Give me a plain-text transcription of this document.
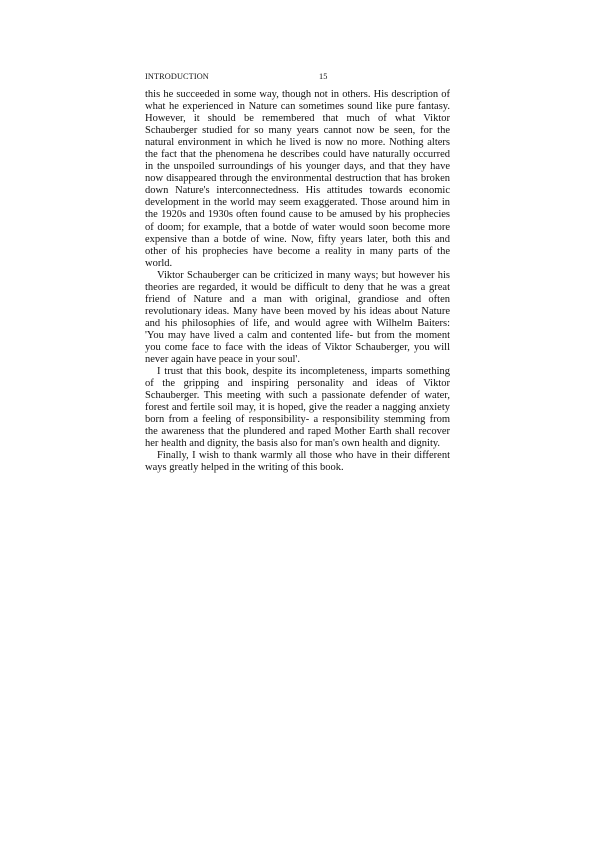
INTRODUCTION	15

this he succeeded in some way, though not in others. His description of what he experienced in Nature can sometimes sound like pure fantasy. However, it should be remembered that much of what Viktor Schauberger studied for so many years cannot now be seen, for the natural environment in which he lived is now no more. Nothing alters the fact that the phenomena he describes could have naturally occurred in the unspoiled surroundings of his younger days, and that they have now disappeared through the environmental destruction that has broken down Nature's interconnectedness. His attitudes towards economic development in the world may seem exaggerated. Those around him in the 1920s and 1930s often found cause to be amused by his prophecies of doom; for example, that a botde of water would soon become more expensive than a botde of wine. Now, fifty years later, both this and other of his prophecies have become a reality in many parts of the world.

Viktor Schauberger can be criticized in many ways; but however his theories are regarded, it would be difficult to deny that he was a great friend of Nature and a man with original, grandiose and often revolutionary ideas. Many have been moved by his ideas about Nature and his philosophies of life, and would agree with Wilhelm Baiters: 'You may have lived a calm and contented life- but from the moment you come face to face with the ideas of Viktor Schauberger, you will never again have peace in your soul'.

I trust that this book, despite its incompleteness, imparts something of the gripping and inspiring personality and ideas of Viktor Schauberger. This meeting with such a passionate defender of water, forest and fertile soil may, it is hoped, give the reader a nagging anxiety born from a feeling of responsibility- a responsibility stemming from the awareness that the plundered and raped Mother Earth shall recover her health and dignity, the basis also for man's own health and dignity.

Finally, I wish to thank warmly all those who have in their different ways greatly helped in the writing of this book.
